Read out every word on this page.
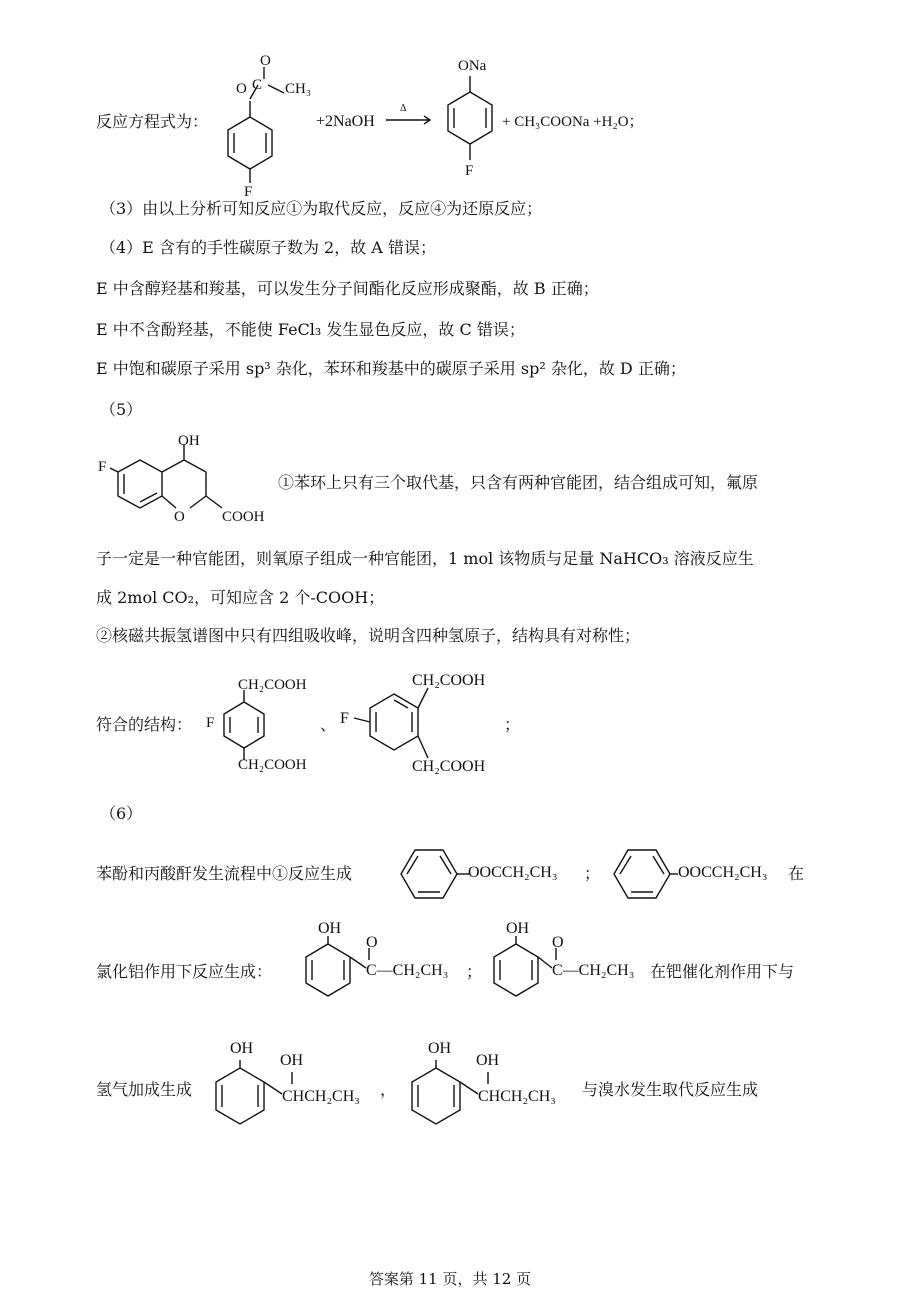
反应方程式为：
O
C
O	CH₃
F
+2NaOH
Δ
ONa
F
+ CH₃COONa +H₂O；
（3）由以上分析可知反应①为取代反应，反应④为还原反应；
（4）E 含有的手性碳原子数为 2，故 A 错误；
E 中含醇羟基和羧基，可以发生分子间酯化反应形成聚酯，故 B 正确；
E 中不含酚羟基，不能使 FeCl₃ 发生显色反应，故 C 错误；
E 中饱和碳原子采用 sp³ 杂化，苯环和羧基中的碳原子采用 sp² 杂化，故 D 正确；
（5）
F
OH
O COOH
①苯环上只有三个取代基，只含有两种官能团，结合组成可知，氟原
子一定是一种官能团，则氧原子组成一种官能团，1 mol 该物质与足量 NaHCO₃ 溶液反应生
成 2mol CO₂，可知应含 2 个-COOH；
②核磁共振氢谱图中只有四组吸收峰，说明含四种氢原子，结构具有对称性；
符合的结构：
CH₂COOH
F
CH₂COOH
、
CH₂COOH
F
CH₂COOH
；
（6）
苯酚和丙酸酐发生流程中①反应生成	OOCCH₂CH₃ ；	OOCCH₂CH₃ 在
氯化铝作用下反应生成：
OH
O
C—CH₂CH₃ ；
OH
O
C—CH₂CH₃ 在钯催化剂作用下与
氢气加成生成
OH
OH
CHCH₂CH₃ ，
OH
OH
CHCH₂CH₃ 与溴水发生取代反应生成
答案第 11 页，共 12 页
